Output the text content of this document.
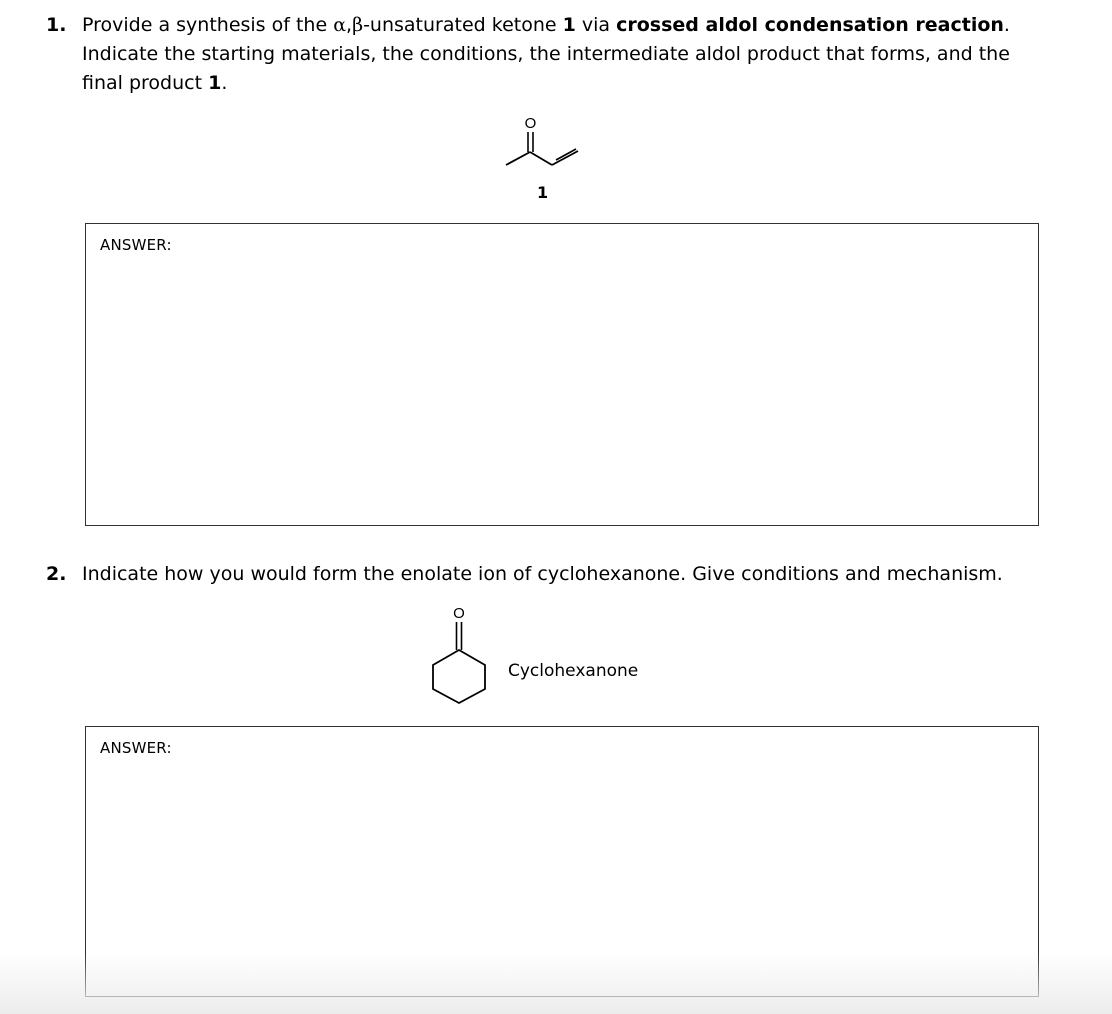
1. Provide a synthesis of the α,β-unsaturated ketone 1 via crossed aldol condensation reaction.
Indicate the starting materials, the conditions, the intermediate aldol product that forms, and the
final product 1.
O
1
ANSWER:
2. Indicate how you would form the enolate ion of cyclohexanone. Give conditions and mechanism.
O
Cyclohexanone
ANSWER:
